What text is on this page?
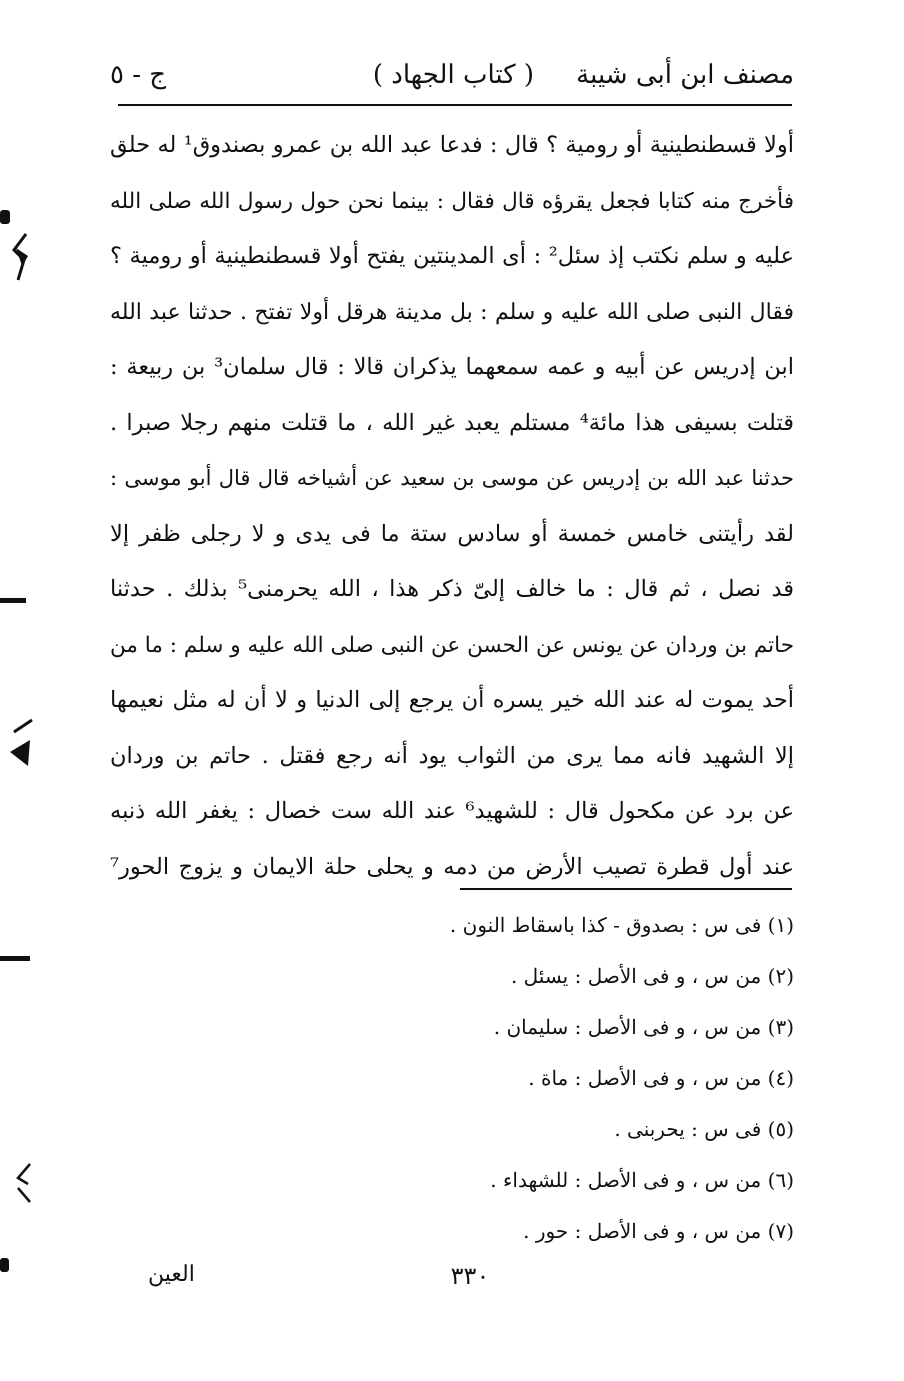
مصنف ابن أبى شيبة
( كتاب الجهاد )
ج - ٥
أولا قسطنطينية أو رومية ؟ قال : فدعا عبد الله بن عمرو بصندوق¹ له حلق
فأخرج منه كتابا فجعل يقرؤه قال فقال : بينما نحن حول رسول الله صلى الله
عليه و سلم نكتب إذ سئل² : أى المدينتين يفتح أولا قسطنطينية أو رومية ؟
فقال النبى صلى الله عليه و سلم : بل مدينة هرقل أولا تفتح . حدثنا عبد الله
ابن إدريس عن أبيه و عمه سمعهما يذكران قالا : قال سلمان³ بن ربيعة :
قتلت بسيفى هذا مائة⁴ مستلم يعبد غير الله ، ما قتلت منهم رجلا صبرا .
حدثنا عبد الله بن إدريس عن موسى بن سعيد عن أشياخه قال قال أبو موسى :
لقد رأيتنى خامس خمسة أو سادس ستة ما فى يدى و لا رجلى ظفر إلا
قد نصل ، ثم قال : ما خالف إلىّ ذكر هذا ، الله يحرمنى⁵ بذلك . حدثنا
حاتم بن وردان عن يونس عن الحسن عن النبى صلى الله عليه و سلم : ما من
أحد يموت له عند الله خير يسره أن يرجع إلى الدنيا و لا أن له مثل نعيمها
إلا الشهيد فانه مما يرى من الثواب يود أنه رجع فقتل . حاتم بن وردان
عن برد عن مكحول قال : للشهيد⁶ عند الله ست خصال : يغفر الله ذنبه
عند أول قطرة تصيب الأرض من دمه و يحلى حلة الايمان و يزوج الحور⁷
(١) فى س : بصدوق - كذا باسقاط النون .
(٢) من س ، و فى الأصل : يسئل .
(٣) من س ، و فى الأصل : سليمان .
(٤) من س ، و فى الأصل : ماة .
(٥) فى س : يحربنى .
(٦) من س ، و فى الأصل : للشهداء .
(٧) من س ، و فى الأصل : حور .
٣٣٠
العين
